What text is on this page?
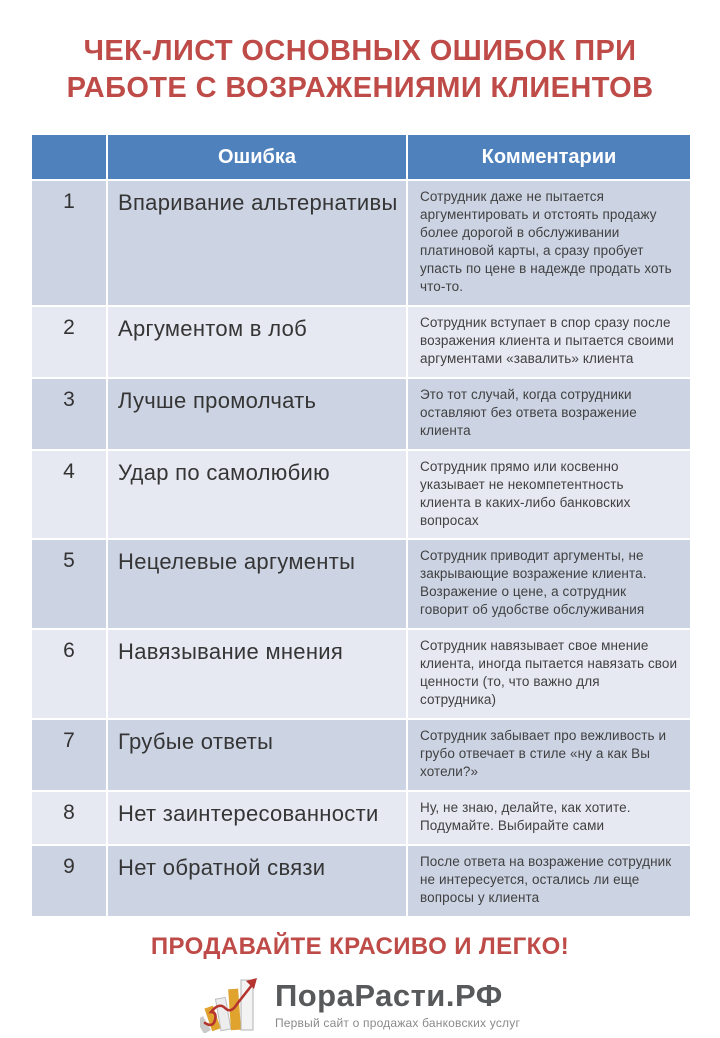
ЧЕК-ЛИСТ ОСНОВНЫХ ОШИБОК ПРИ РАБОТЕ С ВОЗРАЖЕНИЯМИ КЛИЕНТОВ
	Ошибка	Комментарии
1	Впаривание альтернативы	Сотрудник даже не пытается аргументировать и отстоять продажу более дорогой в обслуживании платиновой карты, а сразу пробует упасть по цене в надежде продать хоть что-то.
2	Аргументом в лоб	Сотрудник вступает в спор сразу после возражения клиента и пытается своими аргументами «завалить» клиента
3	Лучше промолчать	Это тот случай, когда сотрудники оставляют без ответа возражение клиента
4	Удар по самолюбию	Сотрудник прямо или косвенно указывает не некомпетентность клиента в каких-либо банковских вопросах
5	Нецелевые аргументы	Сотрудник приводит аргументы, не закрывающие возражение клиента. Возражение о цене, а сотрудник говорит об удобстве обслуживания
6	Навязывание мнения	Сотрудник навязывает свое мнение клиента, иногда пытается навязать свои ценности (то, что важно для сотрудника)
7	Грубые ответы	Сотрудник забывает про вежливость и грубо отвечает в стиле «ну а как Вы хотели?»
8	Нет заинтересованности	Ну, не знаю, делайте, как хотите. Подумайте. Выбирайте сами
9	Нет обратной связи	После ответа на возражение сотрудник не интересуется, остались ли еще вопросы у клиента
ПРОДАВАЙТЕ КРАСИВО И ЛЕГКО!
ПораРасти.РФ
Первый сайт о продажах банковских услуг
